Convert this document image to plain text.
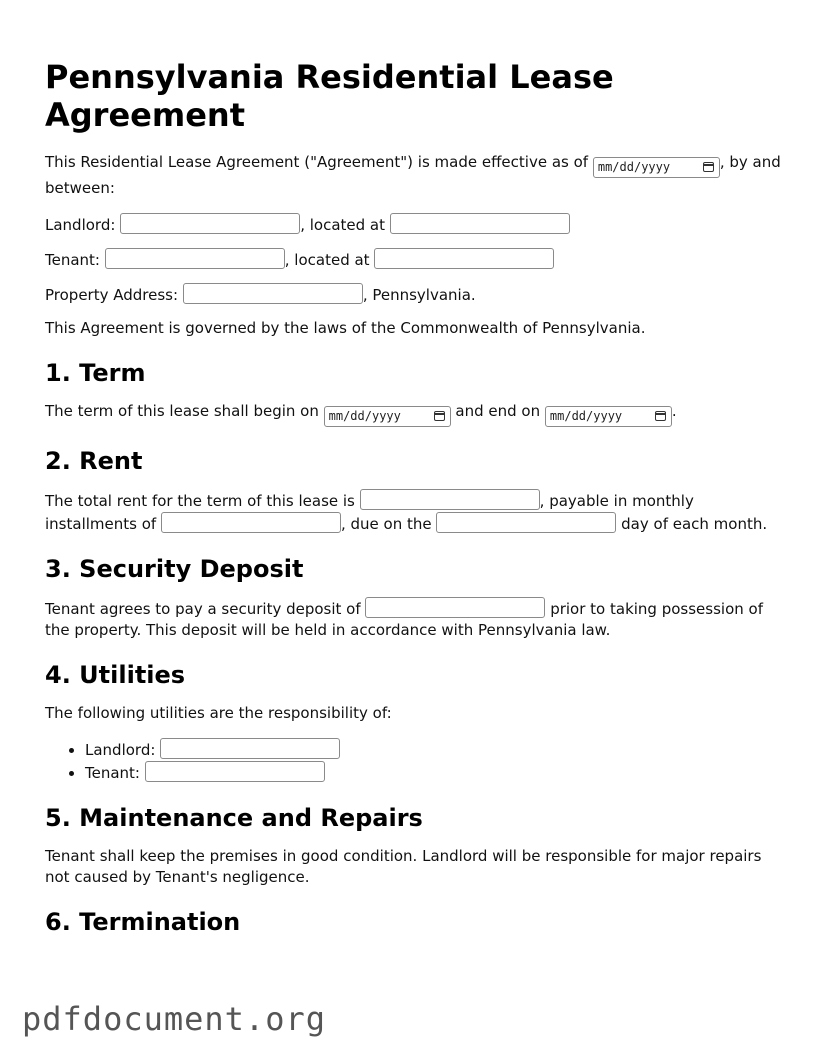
Pennsylvania Residential Lease Agreement

This Residential Lease Agreement ("Agreement") is made effective as of mm/dd/yyyy	, by and between:

Landlord:	, located at

Tenant:	, located at

Property Address:	, Pennsylvania.

This Agreement is governed by the laws of the Commonwealth of Pennsylvania.

1. Term

The term of this lease shall begin on mm/dd/yyyy	and end on mm/dd/yyyy	.

2. Rent

The total rent for the term of this lease is	, payable in monthly installments of	, due on the	day of each month.

3. Security Deposit

Tenant agrees to pay a security deposit of	prior to taking possession of the property. This deposit will be held in accordance with Pennsylvania law.

4. Utilities

The following utilities are the responsibility of:

• Landlord:
• Tenant:
5. Maintenance and Repairs

Tenant shall keep the premises in good condition. Landlord will be responsible for major repairs not caused by Tenant's negligence.

6. Termination
pdfdocument.org
